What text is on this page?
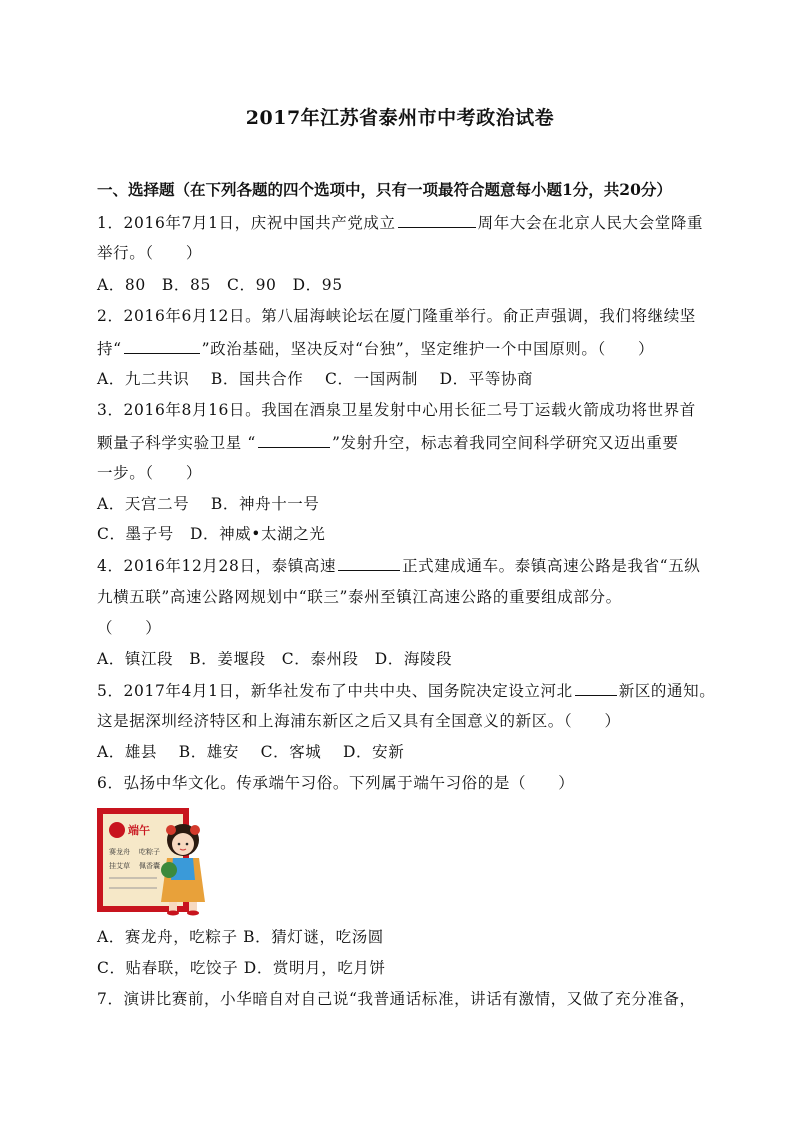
2017年江苏省泰州市中考政治试卷
一、选择题（在下列各题的四个选项中，只有一项最符合题意每小题1分，共20分）
1．2016年7月1日，庆祝中国共产党成立	周年大会在北京人民大会堂降重
举行。（　　）
A．80　B．85　C．90　D．95
2．2016年6月12日。第八届海峡论坛在厦门隆重举行。俞正声强调，我们将继续坚
持“	”政治基础，坚决反对“台独”，坚定维护一个中国原则。（　　）
A．九二共识　 B．国共合作　 C．一国两制　 D．平等协商
3．2016年8月16日。我国在酒泉卫星发射中心用长征二号丁运载火箭成功将世界首
颗量子科学实验卫星 “	”发射升空，标志着我同空间科学研究又迈出重要
一步。（　　）
A．天宫二号　 B．神舟十一号
C．墨子号　D．神威•太湖之光
4．2016年12月28日，泰镇高速	正式建成通车。泰镇高速公路是我省“五纵
九横五联”高速公路网规划中“联三”泰州至镇江高速公路的重要组成部分。
（　　）
A．镇江段　B．姜堰段　C．泰州段　D．海陵段
5．2017年4月1日，新华社发布了中共中央、国务院决定设立河北	新区的通知。
这是据深圳经济特区和上海浦东新区之后又具有全国意义的新区。（　　）
A．雄县　 B．雄安　 C．客城　 D．安新
6．弘扬中华文化。传承端午习俗。下列属于端午习俗的是（　　）
端午
赛龙舟 吃粽子
挂艾草 佩香囊
A．赛龙舟，吃粽子 B．猜灯谜，吃汤圆
C．贴春联，吃饺子 D．赏明月，吃月饼
7．演讲比赛前，小华暗自对自己说“我普通话标准，讲话有激情，又做了充分准备，
